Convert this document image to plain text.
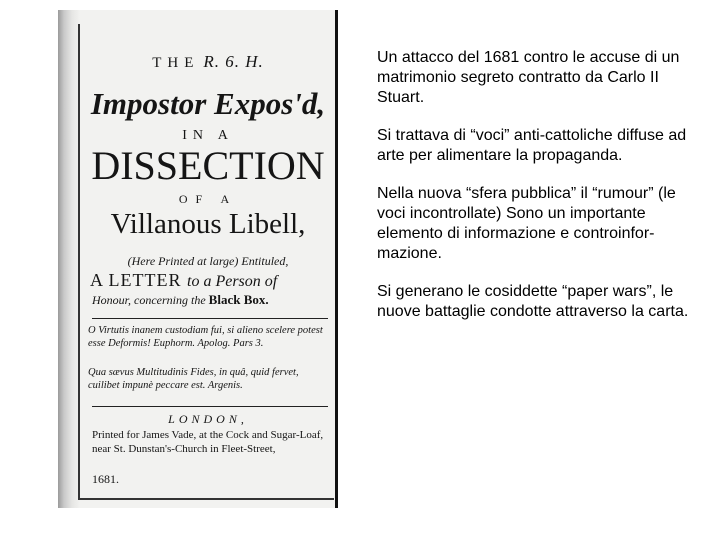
THE R. 6. H.
Impostor Expos'd,
IN A
DISSECTION
OF A
Villanous Libell,
(Here Printed at large) Entituled,
A LETTER to a Person of
Honour, concerning the Black Box.
O Virtutis inanem custodiam fui, si alieno scelere potest esse Deformis! Euphorm. Apolog. Pars 3.
Qua sævus Multitudinis Fides, in quâ, quid fervet, cuilibet impunè peccare est. Argenis.
LONDON,
Printed for James Vade, at the Cock and Sugar-Loaf, near St. Dunstan's-Church in Fleet-Street,
1681.

Un attacco del 1681 contro le accuse di un matrimonio segreto contratto da Carlo II Stuart.

Si trattava di “voci” anti-cattoliche diffuse ad arte per alimentare la propaganda.

Nella nuova “sfera pubblica” il “rumour” (le voci incontrollate) Sono un importante elemento di informazione e controinfor-mazione.

Si generano le cosiddette “paper wars”, le nuove battaglie condotte attraverso la carta.
